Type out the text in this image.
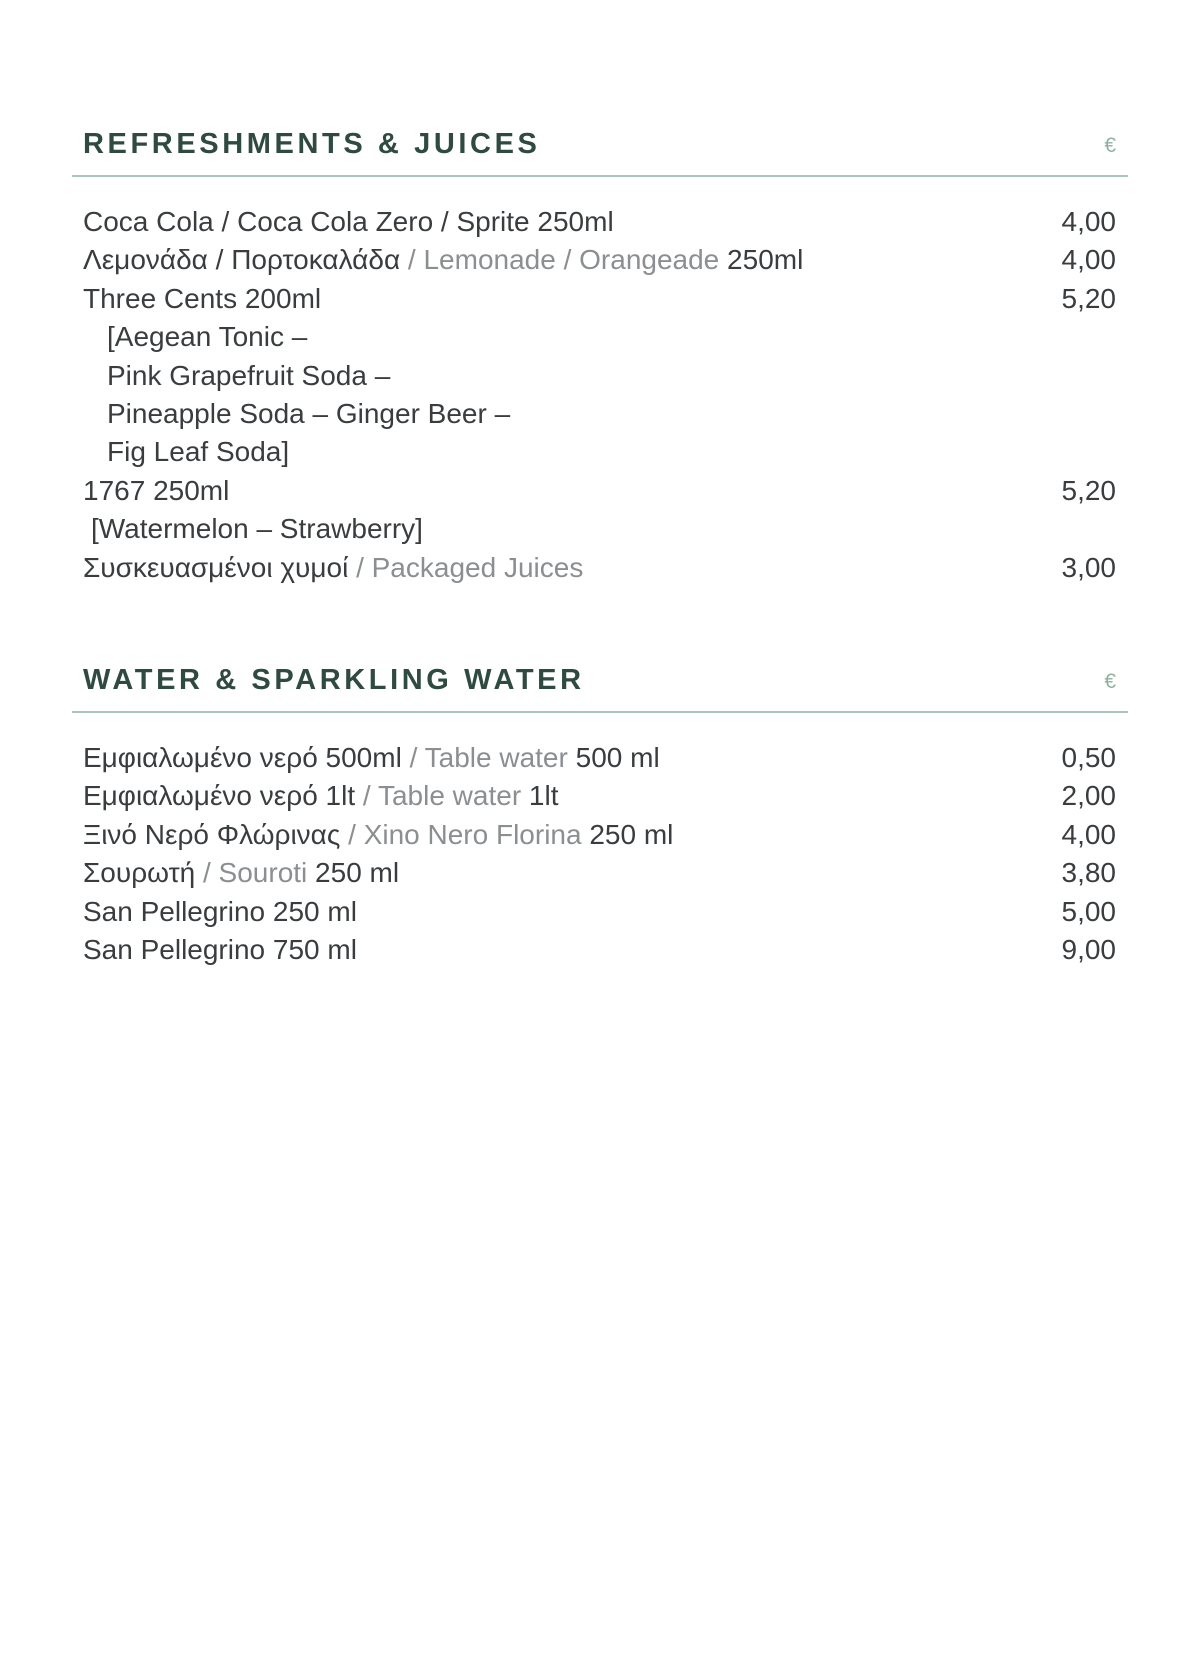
REFRESHMENTS & JUICES	€
Coca Cola / Coca Cola Zero / Sprite 250ml	4,00
Λεμονάδα / Πορτοκαλάδα / Lemonade / Orangeade 250ml	4,00
Three Cents 200ml	5,20
[Aegean Tonic –
Pink Grapefruit Soda –
Pineapple Soda – Ginger Beer –
Fig Leaf Soda]
1767 250ml	5,20
[Watermelon – Strawberry]
Συσκευασμένοι χυμοί / Packaged Juices	3,00
WATER & SPARKLING WATER	€
Εμφιαλωμένο νερό 500ml / Table water 500 ml	0,50
Εμφιαλωμένο νερό 1lt / Table water 1lt	2,00
Ξινό Νερό Φλώρινας / Xino Nero Florina 250 ml	4,00
Σουρωτή / Souroti 250 ml	3,80
San Pellegrino 250 ml	5,00
San Pellegrino 750 ml	9,00
